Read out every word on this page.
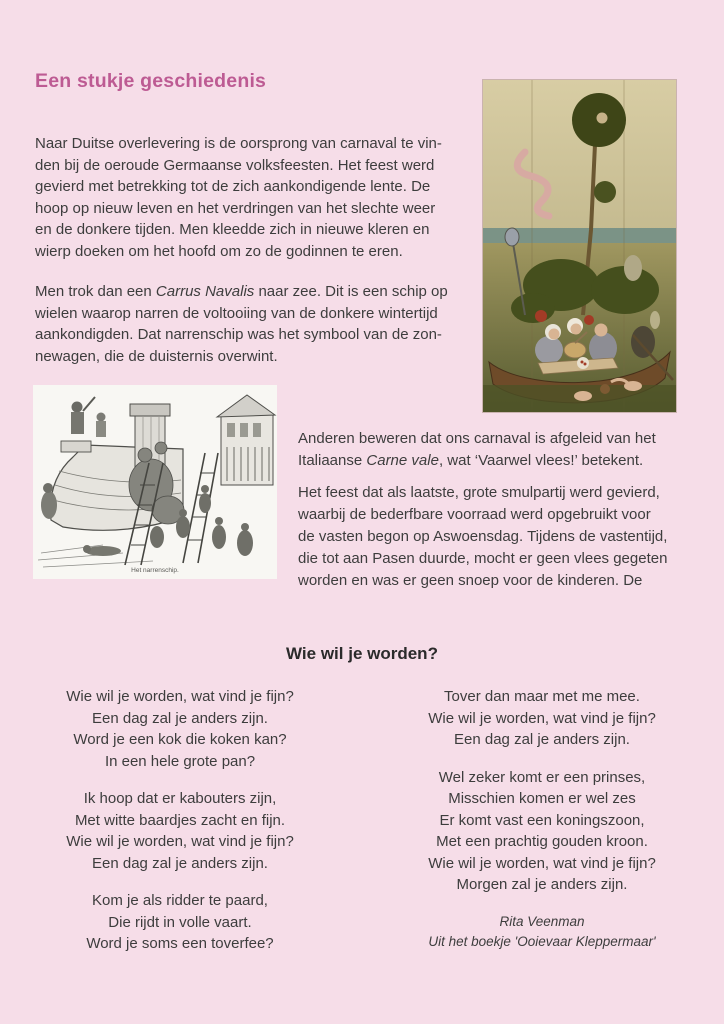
Een stukje geschiedenis
Naar Duitse overlevering is de oorsprong van carnaval te vin-
den bij de oeroude Germaanse volksfeesten. Het feest werd
gevierd met betrekking tot de zich aankondigende lente. De
hoop op nieuw leven en het verdringen van het slechte weer
en de donkere tijden. Men kleedde zich in nieuwe kleren en
wierp doeken om het hoofd om zo de godinnen te eren.
Men trok dan een Carrus Navalis naar zee. Dit is een schip op
wielen waarop narren de voltooiing van de donkere wintertijd
aankondigden. Dat narrenschip was het symbool van de zon-
newagen, die de duisternis overwint.
Het narrenschip.
Anderen beweren dat ons carnaval is afgeleid van het
Italiaanse Carne vale, wat ‘Vaarwel vlees!’ betekent.
Het feest dat als laatste, grote smulpartij werd gevierd,
waarbij de bederfbare voorraad werd opgebruikt voor
de vasten begon op Aswoensdag. Tijdens de vastentijd,
die tot aan Pasen duurde, mocht er geen vlees gegeten
worden en was er geen snoep voor de kinderen. De
Wie wil je worden?
Wie wil je worden, wat vind je fijn?
Een dag zal je anders zijn.
Word je een kok die koken kan?
In een hele grote pan?
Ik hoop dat er kabouters zijn,
Met witte baardjes zacht en fijn.
Wie wil je worden, wat vind je fijn?
Een dag zal je anders zijn.
Kom je als ridder te paard,
Die rijdt in volle vaart.
Word je soms een toverfee?
Tover dan maar met me mee.
Wie wil je worden, wat vind je fijn?
Een dag zal je anders zijn.
Wel zeker komt er een prinses,
Misschien komen er wel zes
Er komt vast een koningszoon,
Met een prachtig gouden kroon.
Wie wil je worden, wat vind je fijn?
Morgen zal je anders zijn.
Rita Veenman
Uit het boekje 'Ooievaar Kleppermaar'
